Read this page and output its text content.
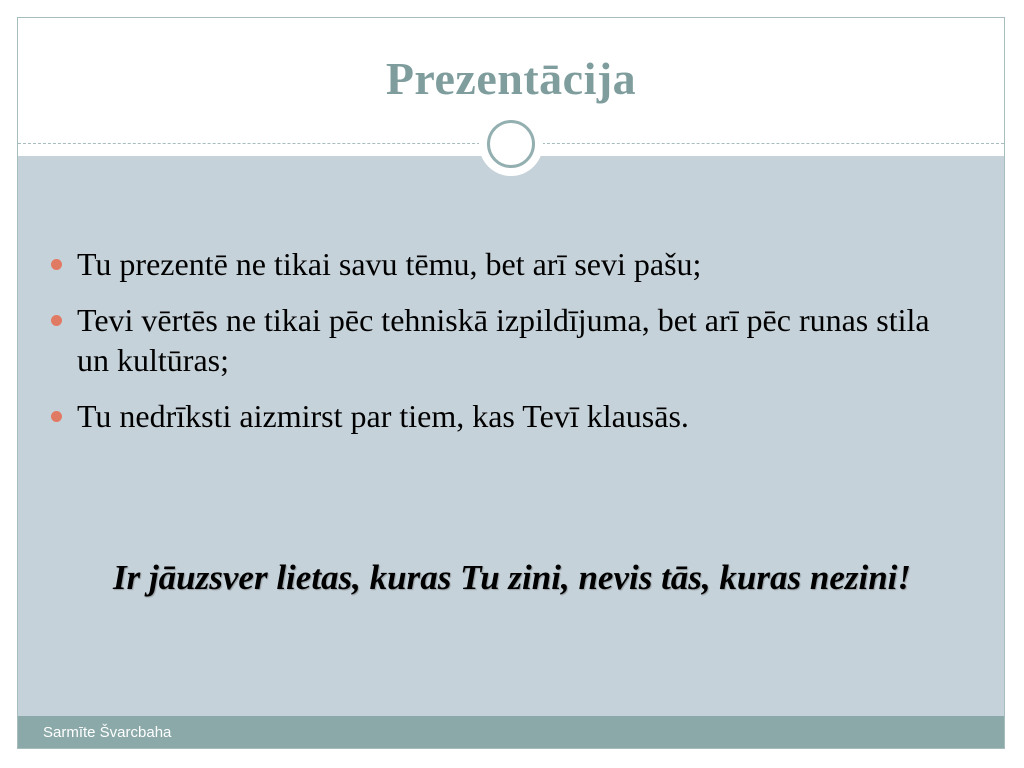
Prezentācija
Tu prezentē ne tikai savu tēmu, bet arī sevi pašu;
Tevi vērtēs ne tikai pēc tehniskā izpildījuma, bet arī pēc runas stila un kultūras;
Tu nedrīksti aizmirst par tiem, kas Tevī klausās.
Ir jāuzsver lietas, kuras Tu zini, nevis tās, kuras nezini!
Sarmīte Švarcbaha
